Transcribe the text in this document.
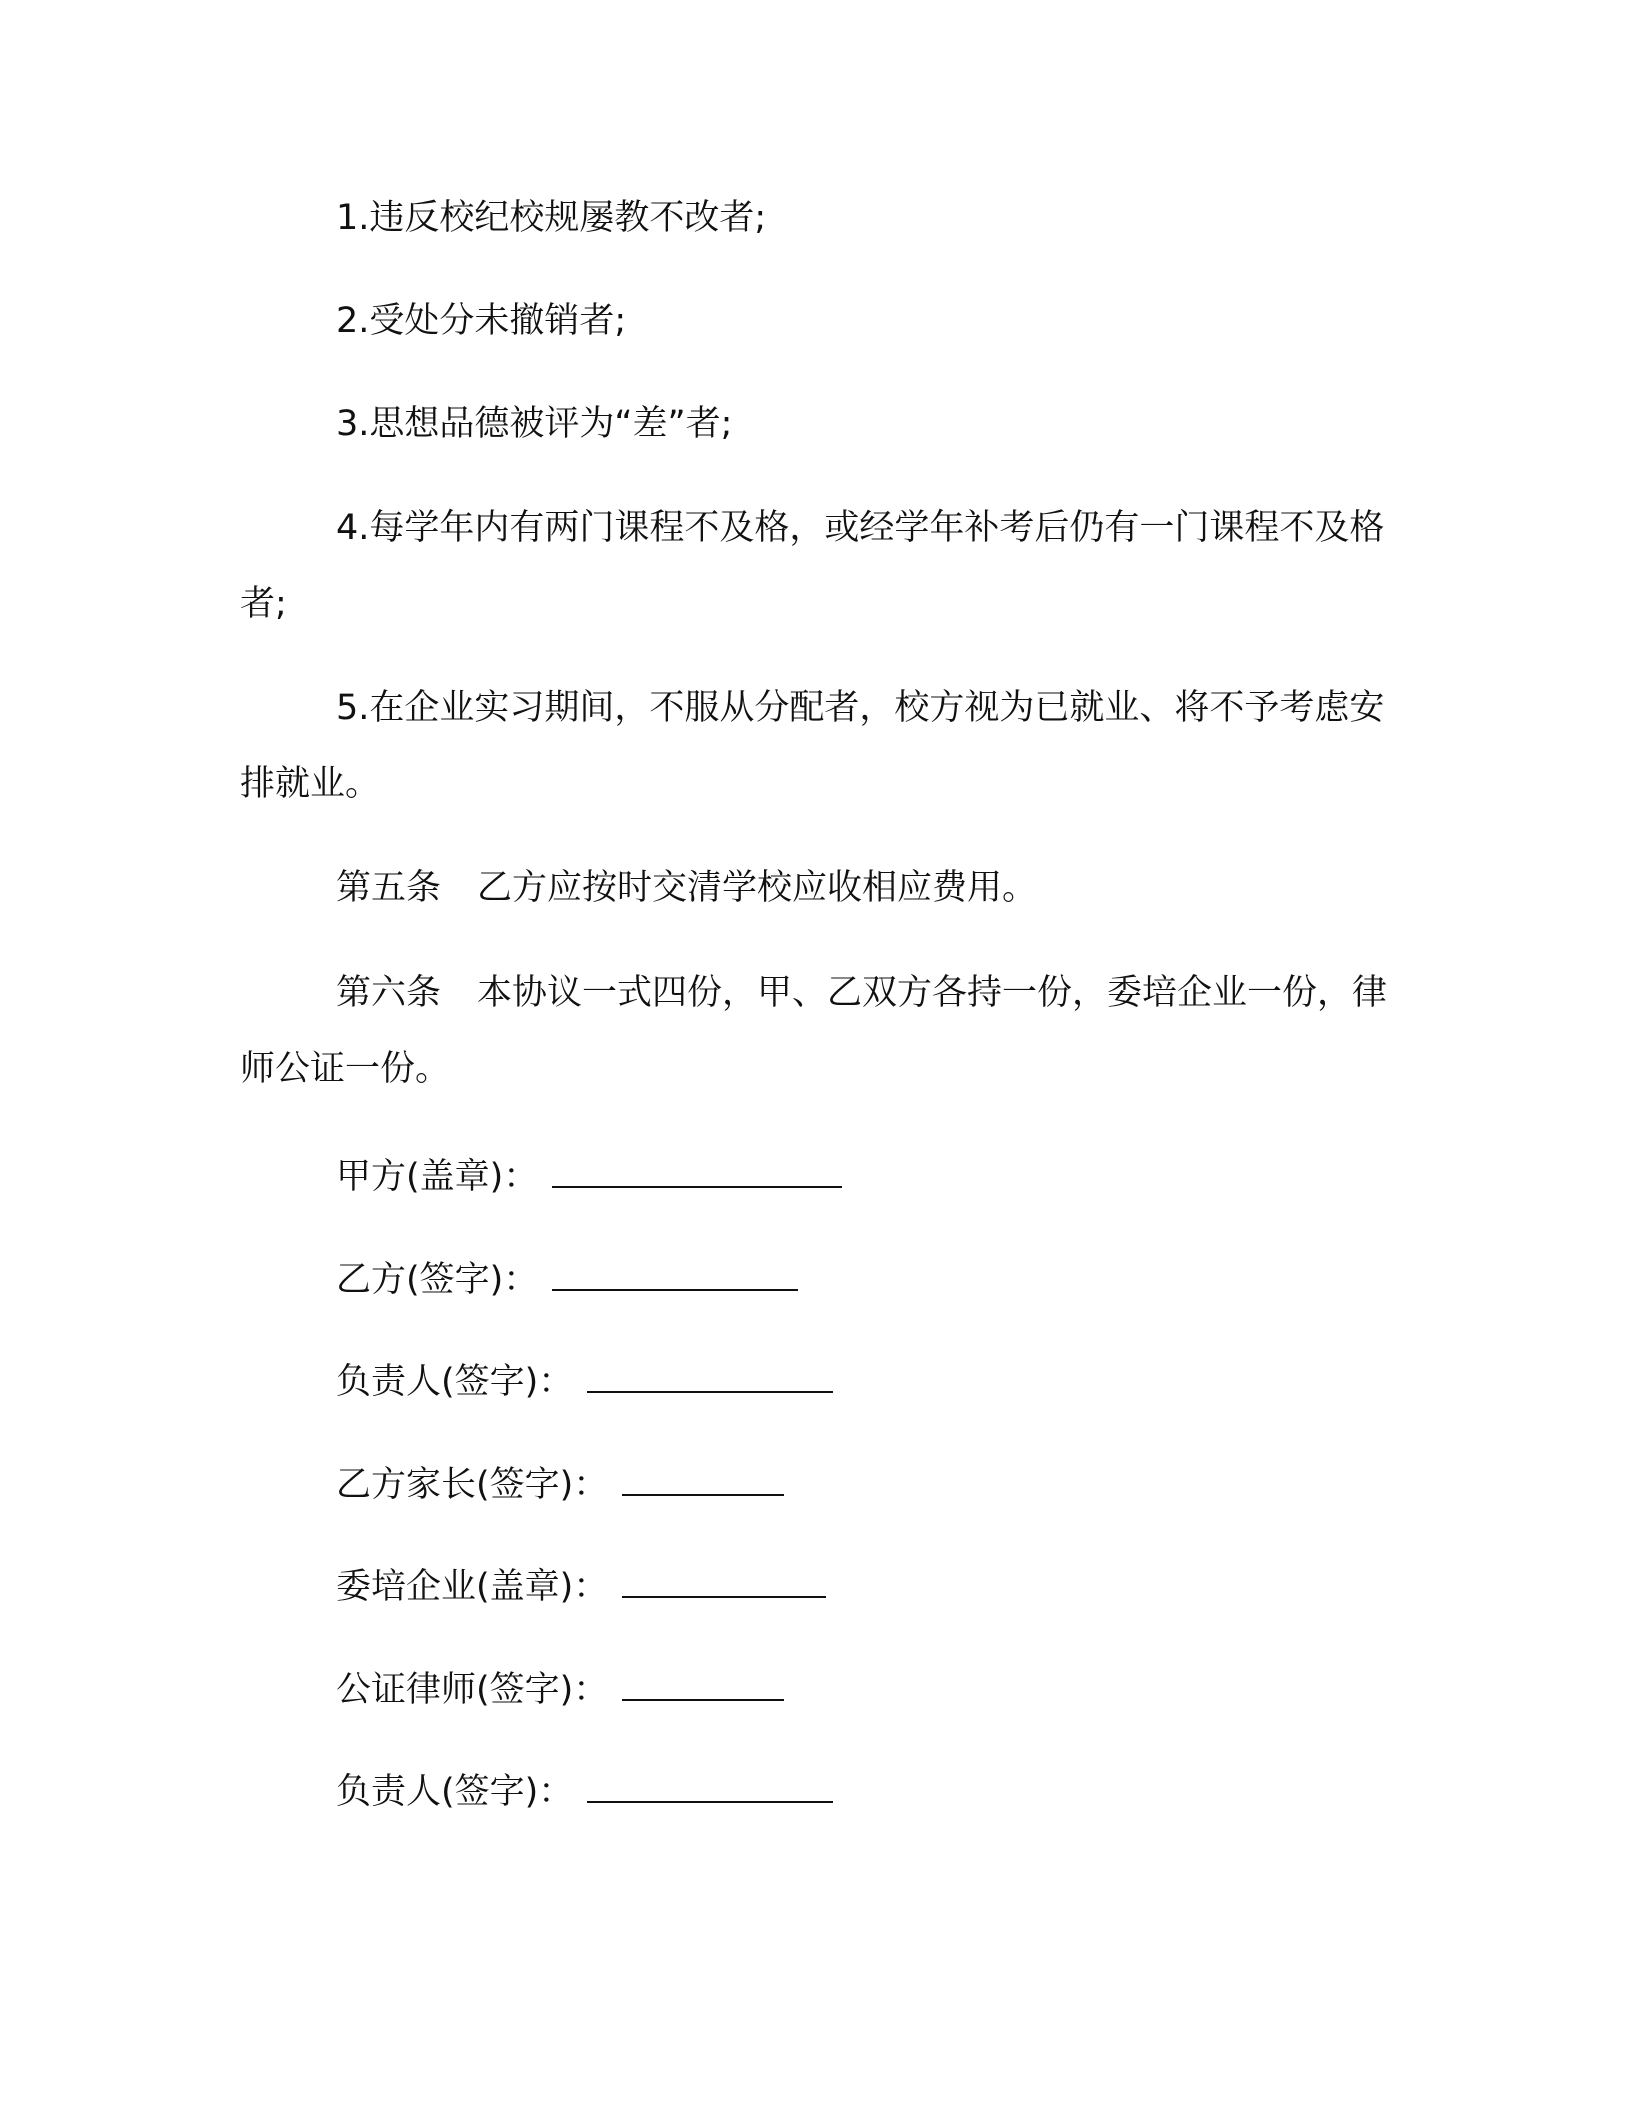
1.违反校纪校规屡教不改者;

2.受处分未撤销者;

3.思想品德被评为“差”者;

4.每学年内有两门课程不及格，或经学年补考后仍有一门课程不及格者;

5.在企业实习期间，不服从分配者，校方视为已就业、将不予考虑安排就业。

第五条 乙方应按时交清学校应收相应费用。

第六条 本协议一式四份，甲、乙双方各持一份，委培企业一份，律师公证一份。

甲方(盖章)：
乙方(签字)：
负责人(签字)：
乙方家长(签字)：
委培企业(盖章)：
公证律师(签字)：
负责人(签字)：
